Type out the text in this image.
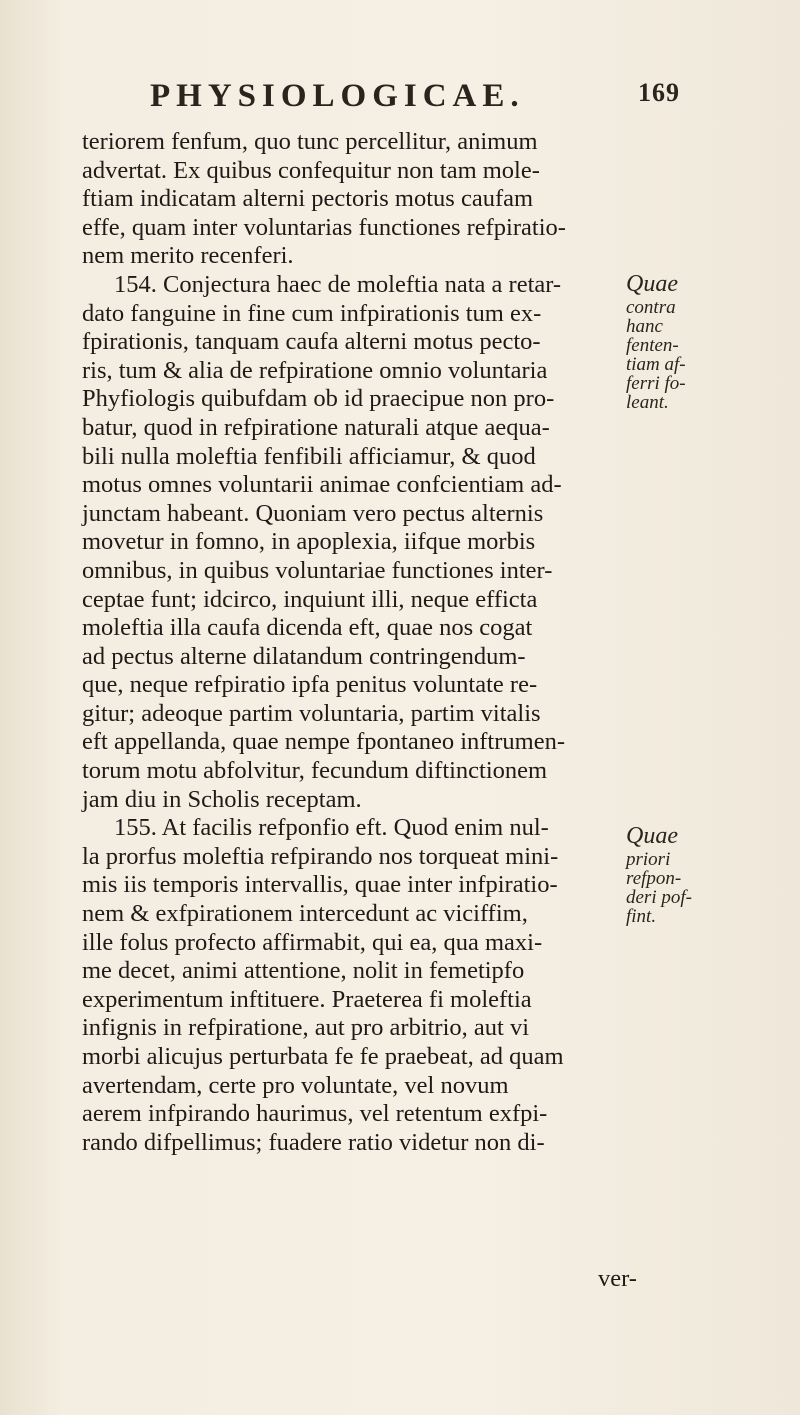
PHYSIOLOGICAE.	169
teriorem fenfum, quo tunc percellitur, animum
advertat. Ex quibus confequitur non tam mole-
ftiam indicatam alterni pectoris motus caufam
effe, quam inter voluntarias functiones refpiratio-
nem merito recenferi.
154. Conjectura haec de moleftia nata a retar-
dato fanguine in fine cum infpirationis tum ex-
fpirationis, tanquam caufa alterni motus pecto-
ris, tum & alia de refpiratione omnio voluntaria
Phyfiologis quibufdam ob id praecipue non pro-
batur, quod in refpiratione naturali atque aequa-
bili nulla moleftia fenfibili afficiamur, & quod
motus omnes voluntarii animae confcientiam ad-
junctam habeant. Quoniam vero pectus alternis
movetur in fomno, in apoplexia, iifque morbis
omnibus, in quibus voluntariae functiones inter-
ceptae funt; idcirco, inquiunt illi, neque efficta
moleftia illa caufa dicenda eft, quae nos cogat
ad pectus alterne dilatandum contringendum-
que, neque refpiratio ipfa penitus voluntate re-
gitur; adeoque partim voluntaria, partim vitalis
eft appellanda, quae nempe fpontaneo inftrumen-
torum motu abfolvitur, fecundum diftinctionem
jam diu in Scholis receptam.
155. At facilis refponfio eft. Quod enim nul-
la prorfus moleftia refpirando nos torqueat mini-
mis iis temporis intervallis, quae inter infpiratio-
nem & exfpirationem intercedunt ac viciffim,
ille folus profecto affirmabit, qui ea, qua maxi-
me decet, animi attentione, nolit in femetipfo
experimentum inftituere. Praeterea fi moleftia
infignis in refpiratione, aut pro arbitrio, aut vi
morbi alicujus perturbata fe fe praebeat, ad quam
avertendam, certe pro voluntate, vel novum
aerem infpirando haurimus, vel retentum exfpi-
rando difpellimus; fuadere ratio videtur non di-
Quae
contra
hanc
fenten-
tiam af-
ferri fo-
leant.
Quae
priori
refpon-
deri pof-
fint.
ver-
